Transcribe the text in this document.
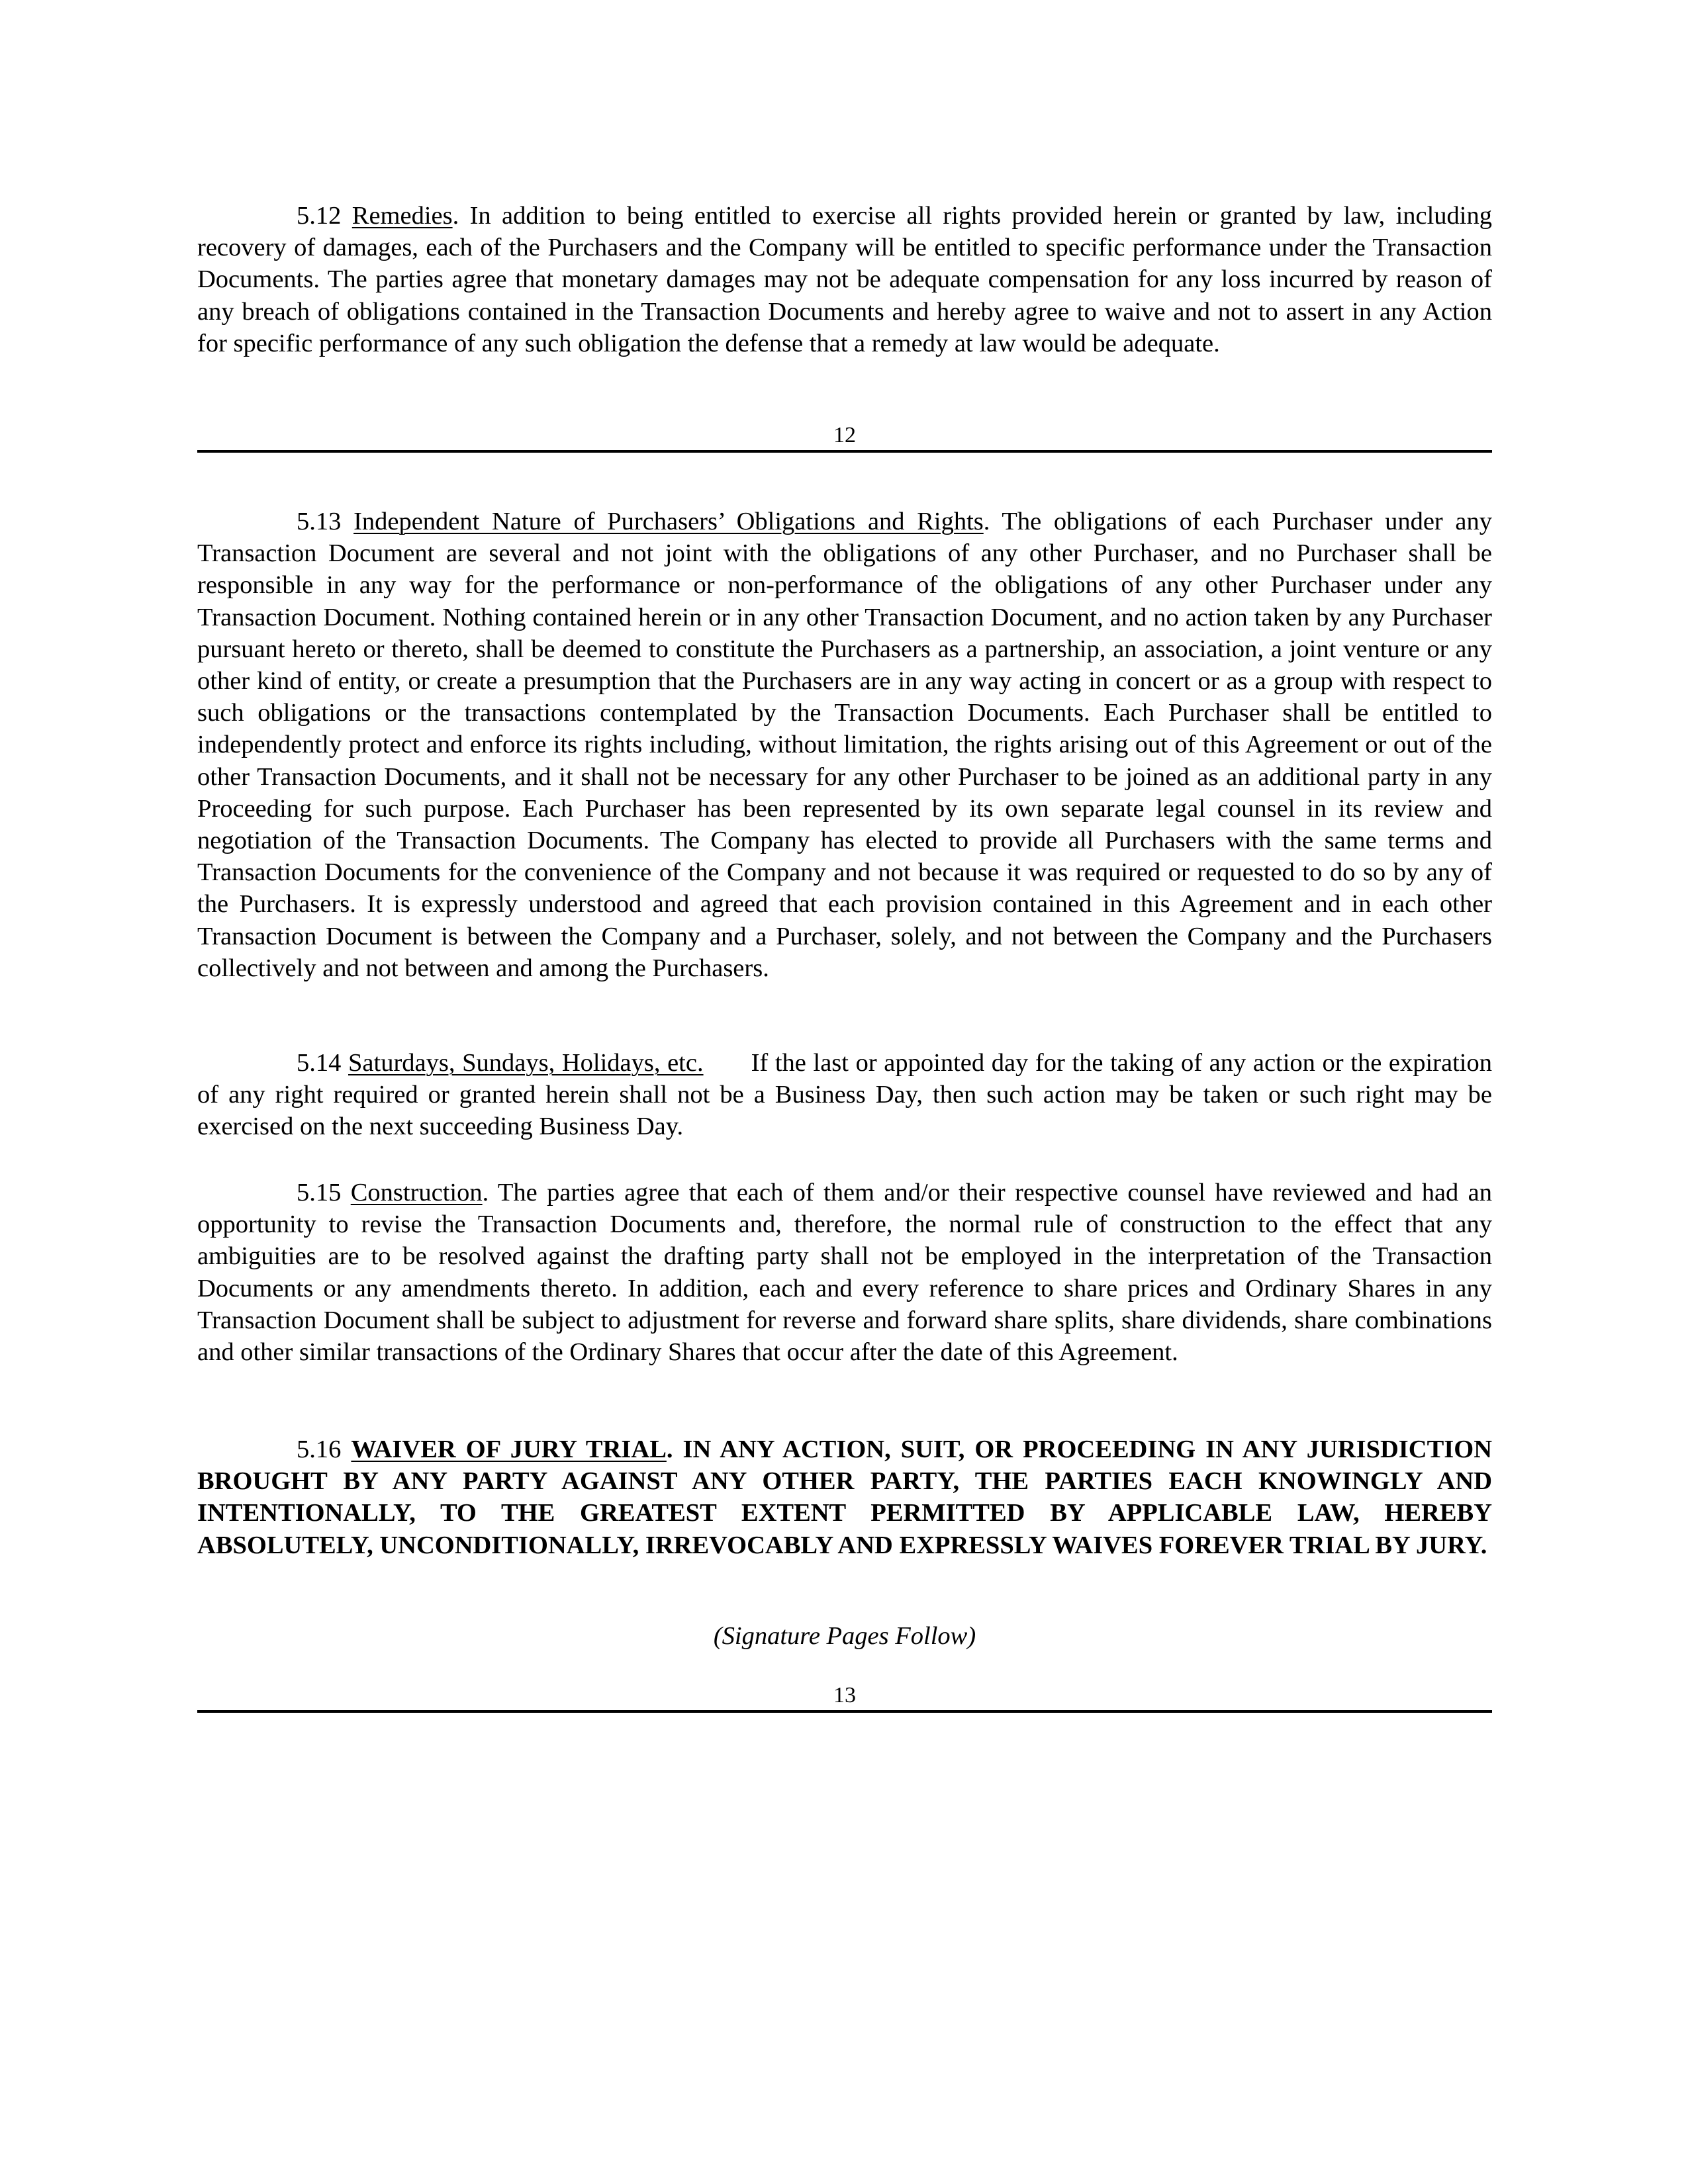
5.12 Remedies. In addition to being entitled to exercise all rights provided herein or granted by law, including recovery of damages, each of the Purchasers and the Company will be entitled to specific performance under the Transaction Documents. The parties agree that monetary damages may not be adequate compensation for any loss incurred by reason of any breach of obligations contained in the Transaction Documents and hereby agree to waive and not to assert in any Action for specific performance of any such obligation the defense that a remedy at law would be adequate.

12

5.13 Independent Nature of Purchasers’ Obligations and Rights. The obligations of each Purchaser under any Transaction Document are several and not joint with the obligations of any other Purchaser, and no Purchaser shall be responsible in any way for the performance or non-performance of the obligations of any other Purchaser under any Transaction Document. Nothing contained herein or in any other Transaction Document, and no action taken by any Purchaser pursuant hereto or thereto, shall be deemed to constitute the Purchasers as a partnership, an association, a joint venture or any other kind of entity, or create a presumption that the Purchasers are in any way acting in concert or as a group with respect to such obligations or the transactions contemplated by the Transaction Documents. Each Purchaser shall be entitled to independently protect and enforce its rights including, without limitation, the rights arising out of this Agreement or out of the other Transaction Documents, and it shall not be necessary for any other Purchaser to be joined as an additional party in any Proceeding for such purpose. Each Purchaser has been represented by its own separate legal counsel in its review and negotiation of the Transaction Documents. The Company has elected to provide all Purchasers with the same terms and Transaction Documents for the convenience of the Company and not because it was required or requested to do so by any of the Purchasers. It is expressly understood and agreed that each provision contained in this Agreement and in each other Transaction Document is between the Company and a Purchaser, solely, and not between the Company and the Purchasers collectively and not between and among the Purchasers.

5.14 Saturdays, Sundays, Holidays, etc. If the last or appointed day for the taking of any action or the expiration of any right required or granted herein shall not be a Business Day, then such action may be taken or such right may be exercised on the next succeeding Business Day.

5.15 Construction. The parties agree that each of them and/or their respective counsel have reviewed and had an opportunity to revise the Transaction Documents and, therefore, the normal rule of construction to the effect that any ambiguities are to be resolved against the drafting party shall not be employed in the interpretation of the Transaction Documents or any amendments thereto. In addition, each and every reference to share prices and Ordinary Shares in any Transaction Document shall be subject to adjustment for reverse and forward share splits, share dividends, share combinations and other similar transactions of the Ordinary Shares that occur after the date of this Agreement.

5.16 WAIVER OF JURY TRIAL. IN ANY ACTION, SUIT, OR PROCEEDING IN ANY JURISDICTION BROUGHT BY ANY PARTY AGAINST ANY OTHER PARTY, THE PARTIES EACH KNOWINGLY AND INTENTIONALLY, TO THE GREATEST EXTENT PERMITTED BY APPLICABLE LAW, HEREBY ABSOLUTELY, UNCONDITIONALLY, IRREVOCABLY AND EXPRESSLY WAIVES FOREVER TRIAL BY JURY.

(Signature Pages Follow)
13
